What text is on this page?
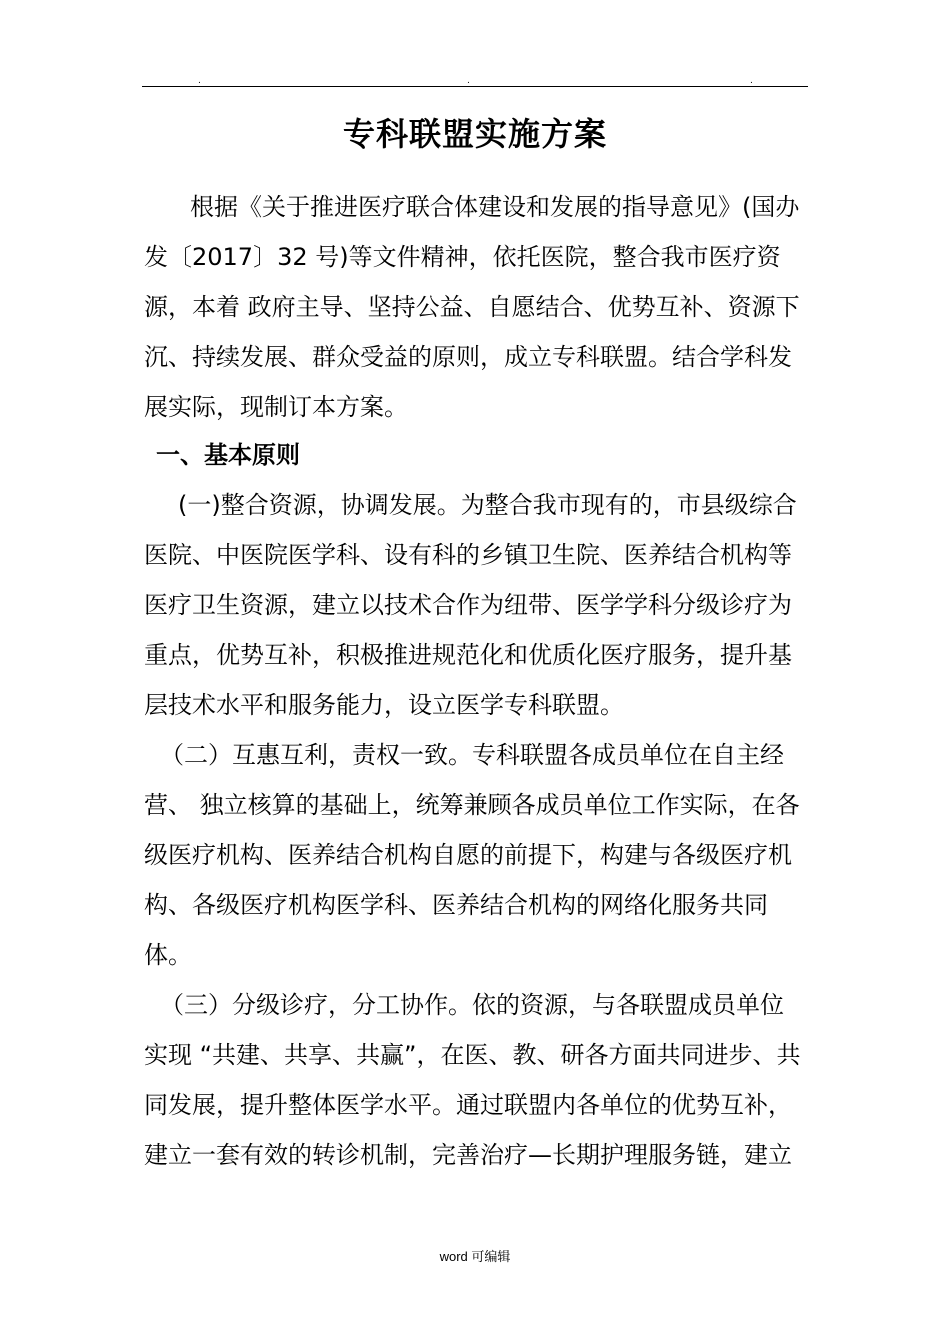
.	.	.
专科联盟实施方案
根据《关于推进医疗联合体建设和发展的指导意见》(国办
发〔2017〕32 号)等文件精神，依托医院，整合我市医疗资
源，本着 政府主导、坚持公益、自愿结合、优势互补、资源下
沉、持续发展、群众受益的原则，成立专科联盟。结合学科发
展实际，现制订本方案。
一、基本原则
(一)整合资源，协调发展。为整合我市现有的，市县级综合
医院、中医院医学科、设有科的乡镇卫生院、医养结合机构等
医疗卫生资源，建立以技术合作为纽带、医学学科分级诊疗为
重点，优势互补，积极推进规范化和优质化医疗服务，提升基
层技术水平和服务能力，设立医学专科联盟。
（二）互惠互利，责权一致。专科联盟各成员单位在自主经
营、 独立核算的基础上，统筹兼顾各成员单位工作实际，在各
级医疗机构、医养结合机构自愿的前提下，构建与各级医疗机
构、各级医疗机构医学科、医养结合机构的网络化服务共同
体。
（三）分级诊疗，分工协作。依的资源，与各联盟成员单位
实现 “共建、共享、共赢”，在医、教、研各方面共同进步、共
同发展，提升整体医学水平。通过联盟内各单位的优势互补，
建立一套有效的转诊机制，完善治疗—长期护理服务链，建立
word 可编辑
